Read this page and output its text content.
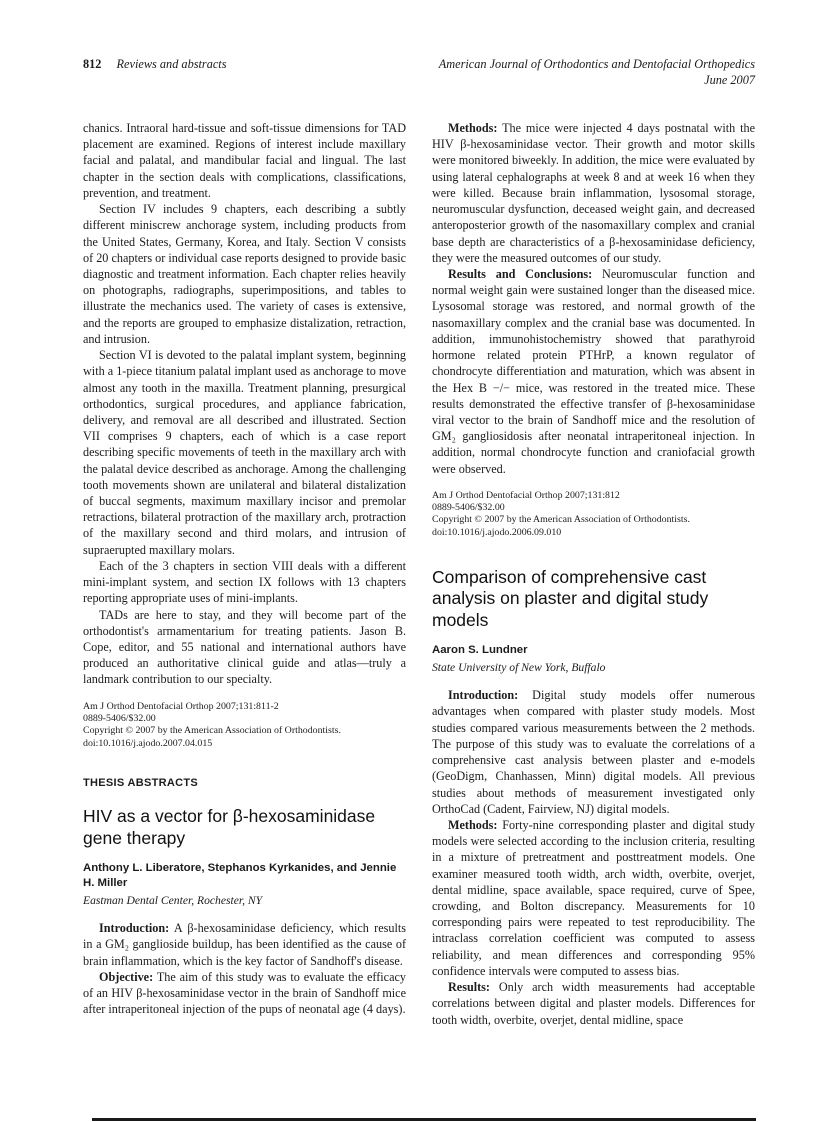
812 Reviews and abstracts	American Journal of Orthodontics and Dentofacial Orthopedics
June 2007

chanics. Intraoral hard-tissue and soft-tissue dimensions for TAD placement are examined. Regions of interest include maxillary facial and palatal, and mandibular facial and lingual. The last chapter in the section deals with complications, classifications, prevention, and treatment.

Section IV includes 9 chapters, each describing a subtly different miniscrew anchorage system, including products from the United States, Germany, Korea, and Italy. Section V consists of 20 chapters or individual case reports designed to provide basic diagnostic and treatment information. Each chapter relies heavily on photographs, radiographs, superimpositions, and tables to illustrate the mechanics used. The variety of cases is extensive, and the reports are grouped to emphasize distalization, retraction, and intrusion.

Section VI is devoted to the palatal implant system, beginning with a 1-piece titanium palatal implant used as anchorage to move almost any tooth in the maxilla. Treatment planning, presurgical orthodontics, surgical procedures, and appliance fabrication, delivery, and removal are all described and illustrated. Section VII comprises 9 chapters, each of which is a case report describing specific movements of teeth in the maxillary arch with the palatal device described as anchorage. Among the challenging tooth movements shown are unilateral and bilateral distalization of buccal segments, maximum maxillary incisor and premolar retractions, bilateral protraction of the maxillary arch, protraction of the maxillary second and third molars, and intrusion of supraerupted maxillary molars.

Each of the 3 chapters in section VIII deals with a different mini-implant system, and section IX follows with 13 chapters reporting appropriate uses of mini-implants.

TADs are here to stay, and they will become part of the orthodontist's armamentarium for treating patients. Jason B. Cope, editor, and 55 national and international authors have produced an authoritative clinical guide and atlas—truly a landmark contribution to our specialty.

Am J Orthod Dentofacial Orthop 2007;131:811-2
0889-5406/$32.00
Copyright © 2007 by the American Association of Orthodontists.
doi:10.1016/j.ajodo.2007.04.015
THESIS ABSTRACTS
HIV as a vector for β-hexosaminidase gene therapy
Anthony L. Liberatore, Stephanos Kyrkanides, and Jennie H. Miller
Eastman Dental Center, Rochester, NY

Introduction: A β-hexosaminidase deficiency, which results in a GM₂ ganglioside buildup, has been identified as the cause of brain inflammation, which is the key factor of Sandhoff's disease.

Objective: The aim of this study was to evaluate the efficacy of an HIV β-hexosaminidase vector in the brain of Sandhoff mice after intraperitoneal injection of the pups of neonatal age (4 days).

Methods: The mice were injected 4 days postnatal with the HIV β-hexosaminidase vector. Their growth and motor skills were monitored biweekly. In addition, the mice were evaluated by using lateral cephalographs at week 8 and at week 16 when they were killed. Because brain inflammation, lysosomal storage, neuromuscular dysfunction, deceased weight gain, and decreased anteroposterior growth of the nasomaxillary complex and cranial base depth are characteristics of a β-hexosaminidase deficiency, they were the measured outcomes of our study.

Results and Conclusions: Neuromuscular function and normal weight gain were sustained longer than the diseased mice. Lysosomal storage was restored, and normal growth of the nasomaxillary complex and the cranial base was documented. In addition, immunohistochemistry showed that parathyroid hormone related protein PTHrP, a known regulator of chondrocyte differentiation and maturation, which was absent in the Hex B −/− mice, was restored in the treated mice. These results demonstrated the effective transfer of β-hexosaminidase viral vector to the brain of Sandhoff mice and the resolution of GM₂ gangliosidosis after neonatal intraperitoneal injection. In addition, normal chondrocyte function and craniofacial growth were observed.

Am J Orthod Dentofacial Orthop 2007;131:812
0889-5406/$32.00
Copyright © 2007 by the American Association of Orthodontists.
doi:10.1016/j.ajodo.2006.09.010
Comparison of comprehensive cast analysis on plaster and digital study models
Aaron S. Lundner
State University of New York, Buffalo

Introduction: Digital study models offer numerous advantages when compared with plaster study models. Most studies compared various measurements between the 2 methods. The purpose of this study was to evaluate the correlations of a comprehensive cast analysis between plaster and e-models (GeoDigm, Chanhassen, Minn) digital models. All previous studies about methods of measurement investigated only OrthoCad (Cadent, Fairview, NJ) digital models.

Methods: Forty-nine corresponding plaster and digital study models were selected according to the inclusion criteria, resulting in a mixture of pretreatment and posttreatment models. One examiner measured tooth width, arch width, overbite, overjet, dental midline, space available, space required, curve of Spee, crowding, and Bolton discrepancy. Measurements for 10 corresponding pairs were repeated to test reproducibility. The intraclass correlation coefficient was computed to assess reliability, and mean differences and corresponding 95% confidence intervals were computed to assess bias.

Results: Only arch width measurements had acceptable correlations between digital and plaster models. Differences for tooth width, overbite, overjet, dental midline, space
